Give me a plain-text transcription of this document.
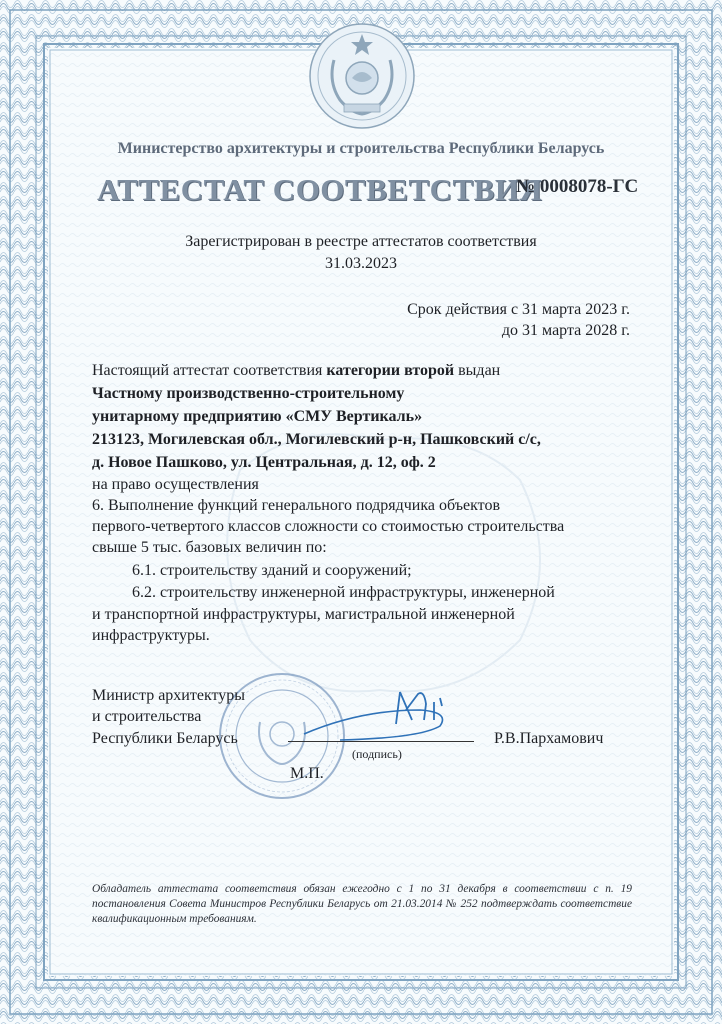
Министерство архитектуры и строительства Республики Беларусь
АТТЕСТАТ СООТВЕТСТВИЯ
№ 0008078-ГС
Зарегистрирован в реестре аттестатов соответствия
31.03.2023
Срок действия с 31 марта 2023 г.
до 31 марта 2028 г.
Настоящий аттестат соответствия категории второй выдан
Частному производственно-строительному
унитарному предприятию «СМУ Вертикаль»
213123, Могилевская обл., Могилевский р-н, Пашковский с/с,
д. Новое Пашково, ул. Центральная, д. 12, оф. 2
на право осуществления
6. Выполнение функций генерального подрядчика объектов
первого-четвертого классов сложности со стоимостью строительства
свыше 5 тыс. базовых величин по:
6.1. строительству зданий и сооружений;
6.2. строительству инженерной инфраструктуры, инженерной
и транспортной инфраструктуры, магистральной инженерной
инфраструктуры.
Министр архитектуры
и строительства
Республики Беларусь
(подпись)
Р.В.Пархамович
М.П.
Обладатель аттестата соответствия обязан ежегодно с 1 по 31 декабря в соответствии с п. 19 постановления Совета Министров Республики Беларусь от 21.03.2014 № 252 подтверждать соответствие квалификационным требованиям.
